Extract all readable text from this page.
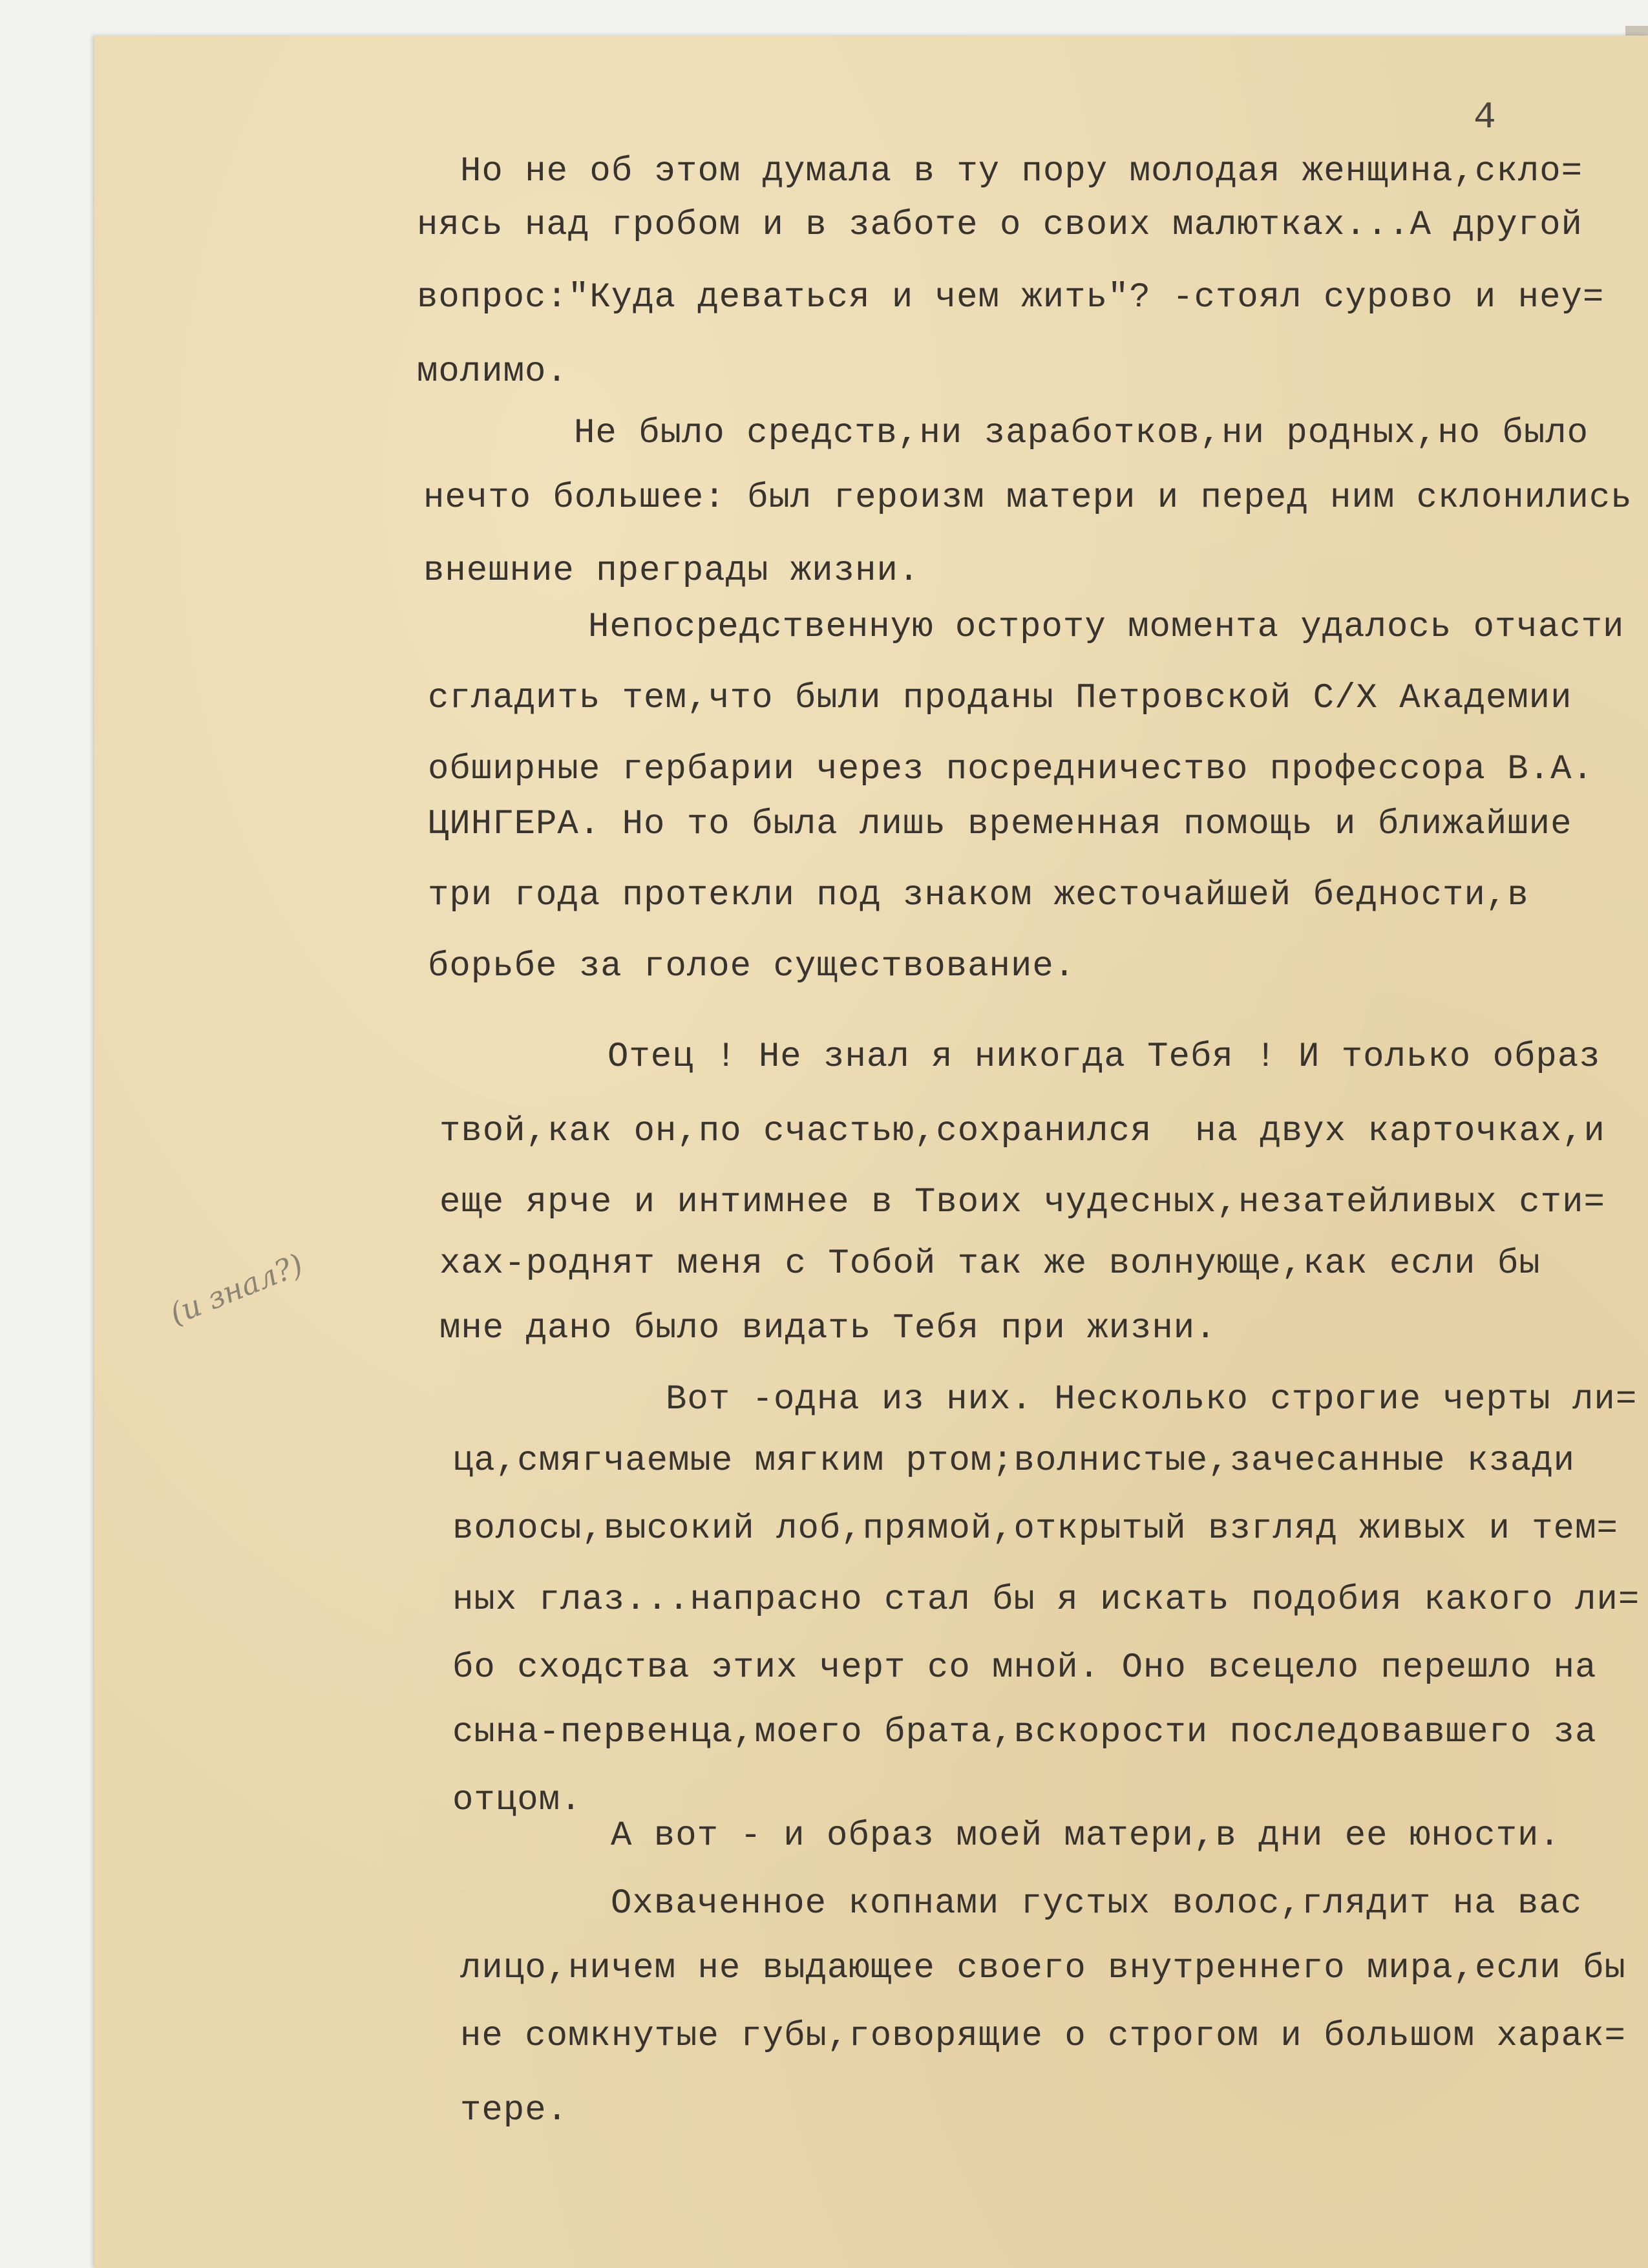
4
(и знал?)
Но не об этом думала в ту пору молодая женщина,скло=
нясь над гробом и в заботе о своих малютках...А другой
вопрос:"Куда деваться и чем жить"? -стоял сурово и неу=
молимо.
Не было средств,ни заработков,ни родных,но было
нечто большее: был героизм матери и перед ним склонились
внешние преграды жизни.
Непосредственную остроту момента удалось отчасти
сгладить тем,что были проданы Петровской С/Х Академии
обширные гербарии через посредничество профессора В.А.
ЦИНГЕРА. Но то была лишь временная помощь и ближайшие
три года протекли под знаком жесточайшей бедности,в
борьбе за голое существование.
Отец ! Не знал я никогда Тебя ! И только образ
твой,как он,по счастью,сохранился  на двух карточках,и
еще ярче и интимнее в Твоих чудесных,незатейливых сти=
хах-роднят меня с Тобой так же волнующе,как если бы
мне дано было видать Тебя при жизни.
Вот -одна из них. Несколько строгие черты ли=
ца,смягчаемые мягким ртом;волнистые,зачесанные кзади
волосы,высокий лоб,прямой,открытый взгляд живых и тем=
ных глаз...напрасно стал бы я искать подобия какого ли=
бо сходства этих черт со мной. Оно всецело перешло на
сына-первенца,моего брата,вскорости последовавшего за
отцом.
А вот - и образ моей матери,в дни ее юности.
Охваченное копнами густых волос,глядит на вас
лицо,ничем не выдающее своего внутреннего мира,если бы
не сомкнутые губы,говорящие о строгом и большом харак=
тере.
